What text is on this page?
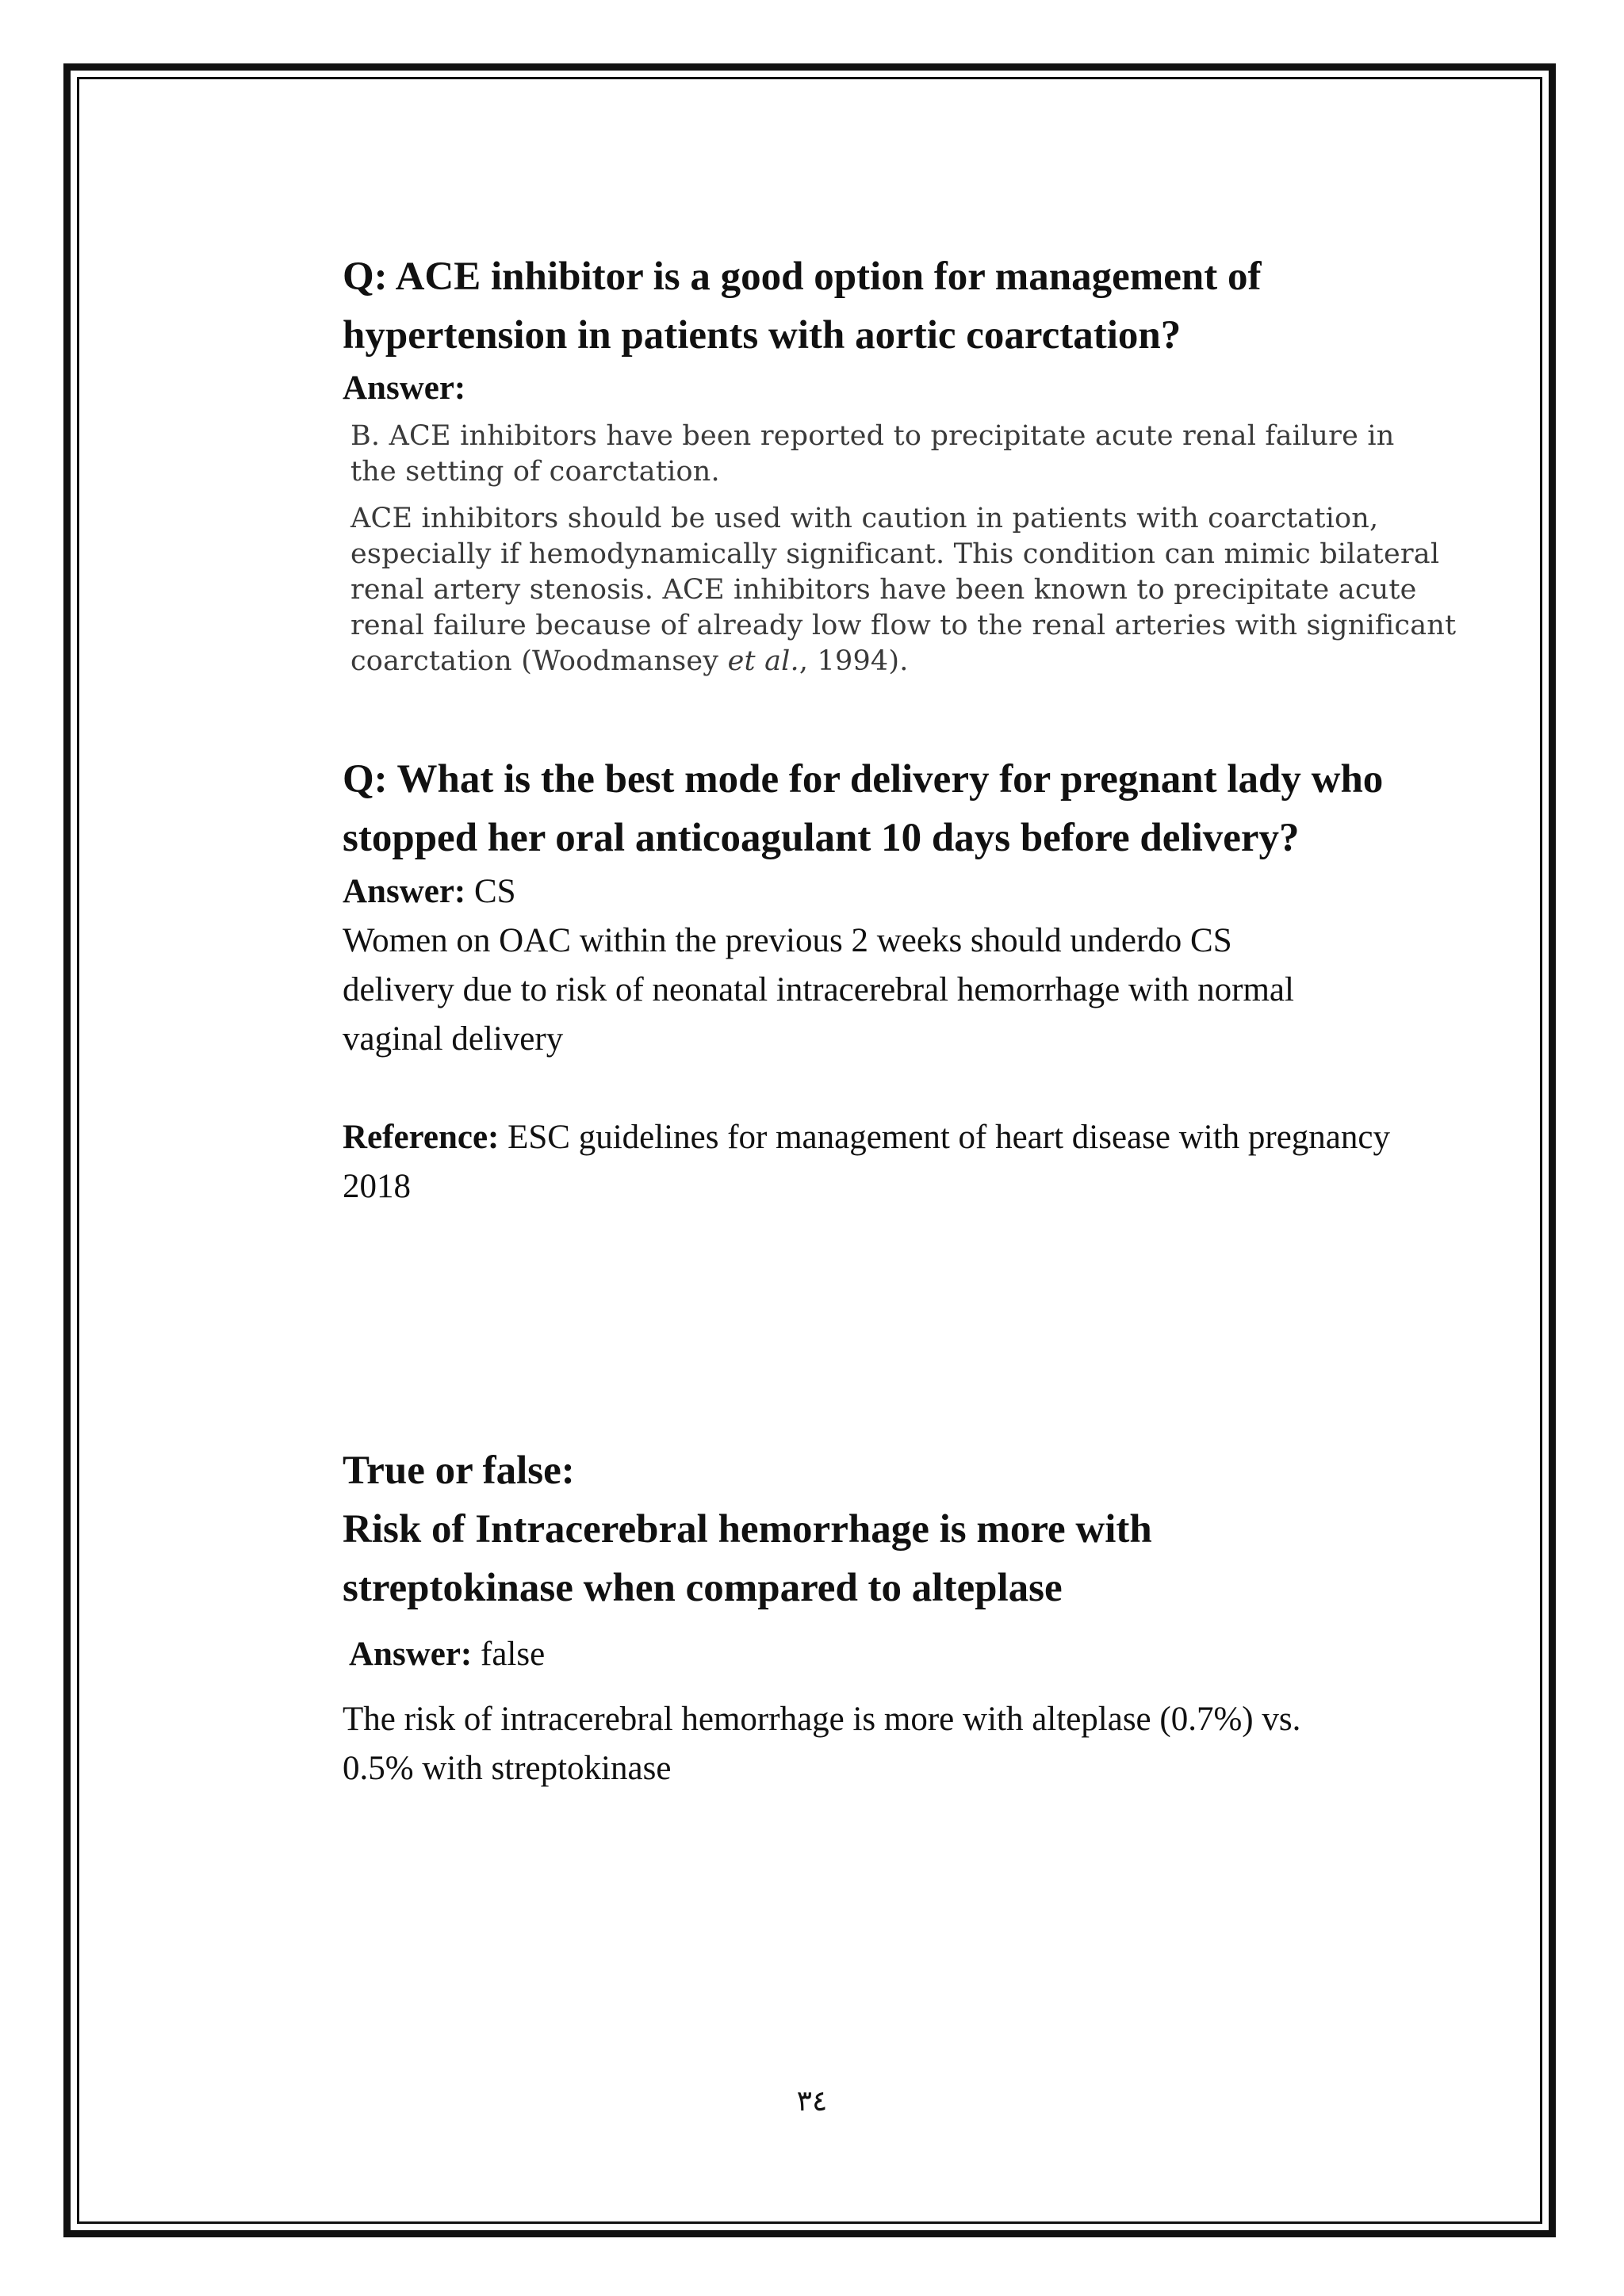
Q: ACE inhibitor is a good option for management of hypertension in patients with aortic coarctation?

Answer:

B. ACE inhibitors have been reported to precipitate acute renal failure in the setting of coarctation.

ACE inhibitors should be used with caution in patients with coarctation, especially if hemodynamically significant. This condition can mimic bilateral renal artery stenosis. ACE inhibitors have been known to precipitate acute renal failure because of already low flow to the renal arteries with significant coarctation (Woodmansey et al., 1994).

Q: What is the best mode for delivery for pregnant lady who stopped her oral anticoagulant 10 days before delivery?

Answer: CS

Women on OAC within the previous 2 weeks should underdo CS delivery due to risk of neonatal intracerebral hemorrhage with normal vaginal delivery

Reference: ESC guidelines for management of heart disease with pregnancy 2018

True or false:

Risk of Intracerebral hemorrhage is more with streptokinase when compared to alteplase

Answer: false

The risk of intracerebral hemorrhage is more with alteplase (0.7%) vs. 0.5% with streptokinase

٣٤
